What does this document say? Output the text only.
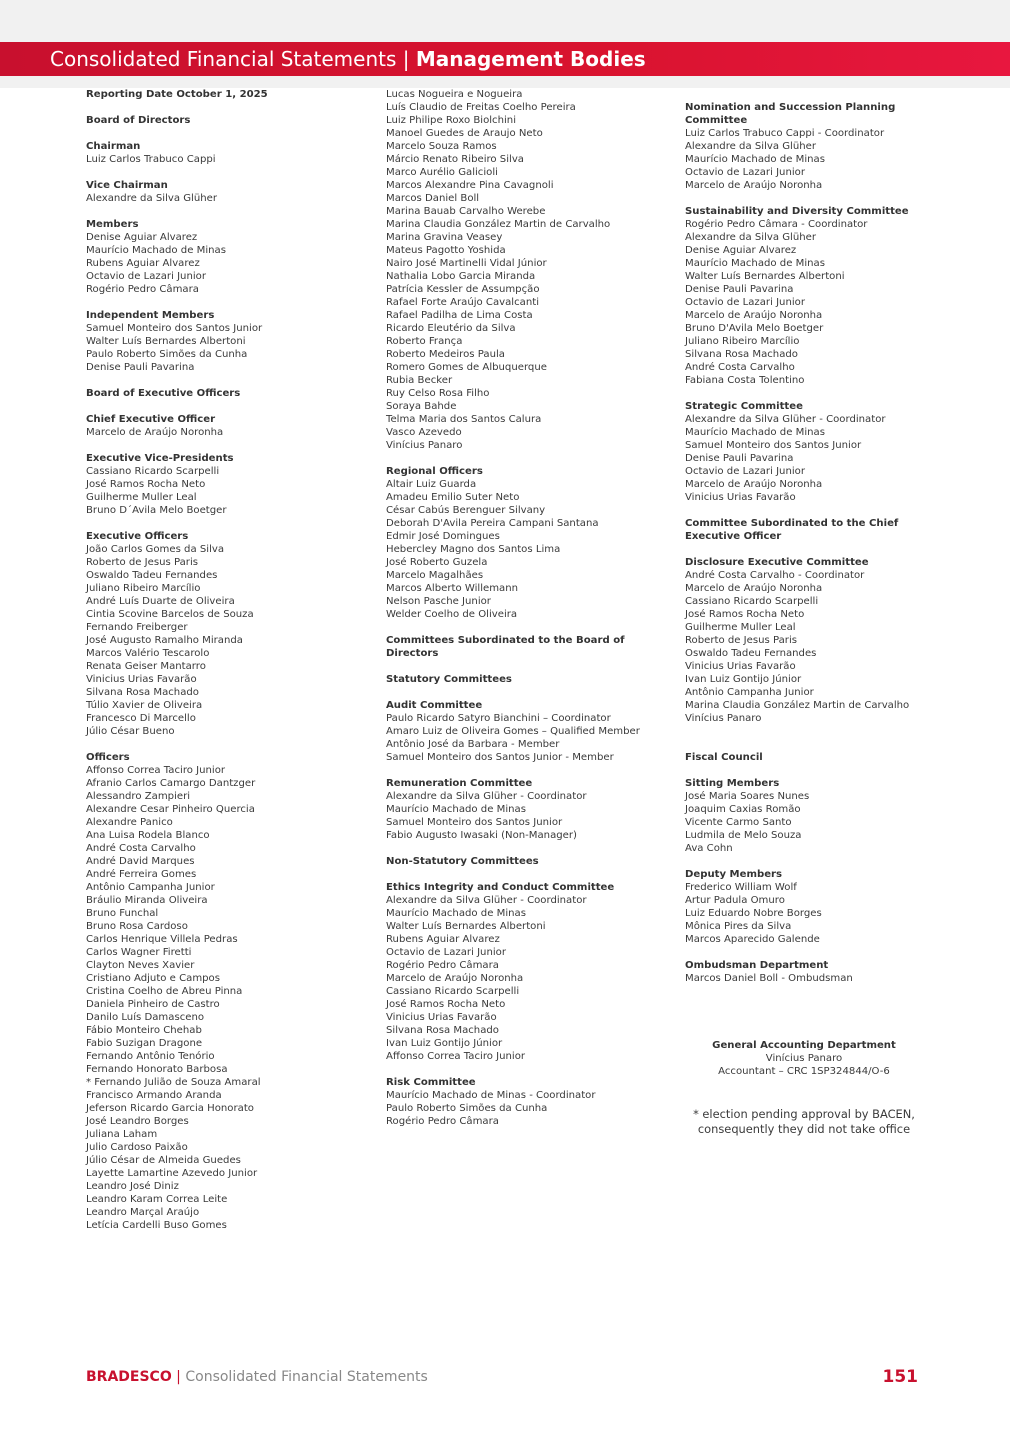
Consolidated Financial Statements | Management Bodies
Reporting Date October 1, 2025
Board of Directors
Chairman
Luiz Carlos Trabuco Cappi
Vice Chairman
Alexandre da Silva Glüher
Members
Denise Aguiar Alvarez
Maurício Machado de Minas
Rubens Aguiar Alvarez
Octavio de Lazari Junior
Rogério Pedro Câmara
Independent Members
Samuel Monteiro dos Santos Junior
Walter Luís Bernardes Albertoni
Paulo Roberto Simões da Cunha
Denise Pauli Pavarina
Board of Executive Officers
Chief Executive Officer
Marcelo de Araújo Noronha
Executive Vice-Presidents
Cassiano Ricardo Scarpelli
José Ramos Rocha Neto
Guilherme Muller Leal
Bruno D´Avila Melo Boetger
Executive Officers
João Carlos Gomes da Silva
Roberto de Jesus Paris
Oswaldo Tadeu Fernandes
Juliano Ribeiro Marcílio
André Luís Duarte de Oliveira
Cintia Scovine Barcelos de Souza
Fernando Freiberger
José Augusto Ramalho Miranda
Marcos Valério Tescarolo
Renata Geiser Mantarro
Vinicius Urias Favarão
Silvana Rosa Machado
Túlio Xavier de Oliveira
Francesco Di Marcello
Júlio César Bueno
Officers
Affonso Correa Taciro Junior
Afranio Carlos Camargo Dantzger
Alessandro Zampieri
Alexandre Cesar Pinheiro Quercia
Alexandre Panico
Ana Luisa Rodela Blanco
André Costa Carvalho
André David Marques
André Ferreira Gomes
Antônio Campanha Junior
Bráulio Miranda Oliveira
Bruno Funchal
Bruno Rosa Cardoso
Carlos Henrique Villela Pedras
Carlos Wagner Firetti
Clayton Neves Xavier
Cristiano Adjuto e Campos
Cristina Coelho de Abreu Pinna
Daniela Pinheiro de Castro
Danilo Luís Damasceno
Fábio Monteiro Chehab
Fabio Suzigan Dragone
Fernando Antônio Tenório
Fernando Honorato Barbosa
* Fernando Julião de Souza Amaral
Francisco Armando Aranda
Jeferson Ricardo Garcia Honorato
José Leandro Borges
Juliana Laham
Julio Cardoso Paixão
Júlio César de Almeida Guedes
Layette Lamartine Azevedo Junior
Leandro José Diniz
Leandro Karam Correa Leite
Leandro Marçal Araújo
Letícia Cardelli Buso Gomes
Lucas Nogueira e Nogueira
Luís Claudio de Freitas Coelho Pereira
Luiz Philipe Roxo Biolchini
Manoel Guedes de Araujo Neto
Marcelo Souza Ramos
Márcio Renato Ribeiro Silva
Marco Aurélio Galicioli
Marcos Alexandre Pina Cavagnoli
Marcos Daniel Boll
Marina Bauab Carvalho Werebe
Marina Claudia González Martin de Carvalho
Marina Gravina Veasey
Mateus Pagotto Yoshida
Nairo José Martinelli Vidal Júnior
Nathalia Lobo Garcia Miranda
Patrícia Kessler de Assumpção
Rafael Forte Araújo Cavalcanti
Rafael Padilha de Lima Costa
Ricardo Eleutério da Silva
Roberto França
Roberto Medeiros Paula
Romero Gomes de Albuquerque
Rubia Becker
Ruy Celso Rosa Filho
Soraya Bahde
Telma Maria dos Santos Calura
Vasco Azevedo
Vinícius Panaro
Regional Officers
Altair Luiz Guarda
Amadeu Emilio Suter Neto
César Cabús Berenguer Silvany
Deborah D'Avila Pereira Campani Santana
Edmir José Domingues
Hebercley Magno dos Santos Lima
José Roberto Guzela
Marcelo Magalhães
Marcos Alberto Willemann
Nelson Pasche Junior
Welder Coelho de Oliveira
Committees Subordinated to the Board of Directors
Statutory Committees
Audit Committee
Paulo Ricardo Satyro Bianchini – Coordinator
Amaro Luiz de Oliveira Gomes – Qualified Member
Antônio José da Barbara - Member
Samuel Monteiro dos Santos Junior - Member
Remuneration Committee
Alexandre da Silva Glüher - Coordinator
Maurício Machado de Minas
Samuel Monteiro dos Santos Junior
Fabio Augusto Iwasaki (Non-Manager)
Non-Statutory Committees
Ethics Integrity and Conduct Committee
Alexandre da Silva Glüher - Coordinator
Maurício Machado de Minas
Walter Luís Bernardes Albertoni
Rubens Aguiar Alvarez
Octavio de Lazari Junior
Rogério Pedro Câmara
Marcelo de Araújo Noronha
Cassiano Ricardo Scarpelli
José Ramos Rocha Neto
Vinicius Urias Favarão
Silvana Rosa Machado
Ivan Luiz Gontijo Júnior
Affonso Correa Taciro Junior
Risk Committee
Maurício Machado de Minas - Coordinator
Paulo Roberto Simões da Cunha
Rogério Pedro Câmara
Nomination and Succession Planning Committee
Luiz Carlos Trabuco Cappi - Coordinator
Alexandre da Silva Glüher
Maurício Machado de Minas
Octavio de Lazari Junior
Marcelo de Araújo Noronha
Sustainability and Diversity Committee
Rogério Pedro Câmara - Coordinator
Alexandre da Silva Glüher
Denise Aguiar Alvarez
Maurício Machado de Minas
Walter Luís Bernardes Albertoni
Denise Pauli Pavarina
Octavio de Lazari Junior
Marcelo de Araújo Noronha
Bruno D'Avila Melo Boetger
Juliano Ribeiro Marcílio
Silvana Rosa Machado
André Costa Carvalho
Fabiana Costa Tolentino
Strategic Committee
Alexandre da Silva Glüher - Coordinator
Maurício Machado de Minas
Samuel Monteiro dos Santos Junior
Denise Pauli Pavarina
Octavio de Lazari Junior
Marcelo de Araújo Noronha
Vinicius Urias Favarão
Committee Subordinated to the Chief Executive Officer
Disclosure Executive Committee
André Costa Carvalho - Coordinator
Marcelo de Araújo Noronha
Cassiano Ricardo Scarpelli
José Ramos Rocha Neto
Guilherme Muller Leal
Roberto de Jesus Paris
Oswaldo Tadeu Fernandes
Vinicius Urias Favarão
Ivan Luiz Gontijo Júnior
Antônio Campanha Junior
Marina Claudia González Martin de Carvalho
Vinícius Panaro
Fiscal Council
Sitting Members
José Maria Soares Nunes
Joaquim Caxias Romão
Vicente Carmo Santo
Ludmila de Melo Souza
Ava Cohn
Deputy Members
Frederico William Wolf
Artur Padula Omuro
Luiz Eduardo Nobre Borges
Mônica Pires da Silva
Marcos Aparecido Galende
Ombudsman Department
Marcos Daniel Boll - Ombudsman
General Accounting Department
Vinícius Panaro
Accountant – CRC 1SP324844/O-6
* election pending approval by BACEN, consequently they did not take office
BRADESCO | Consolidated Financial Statements	151
